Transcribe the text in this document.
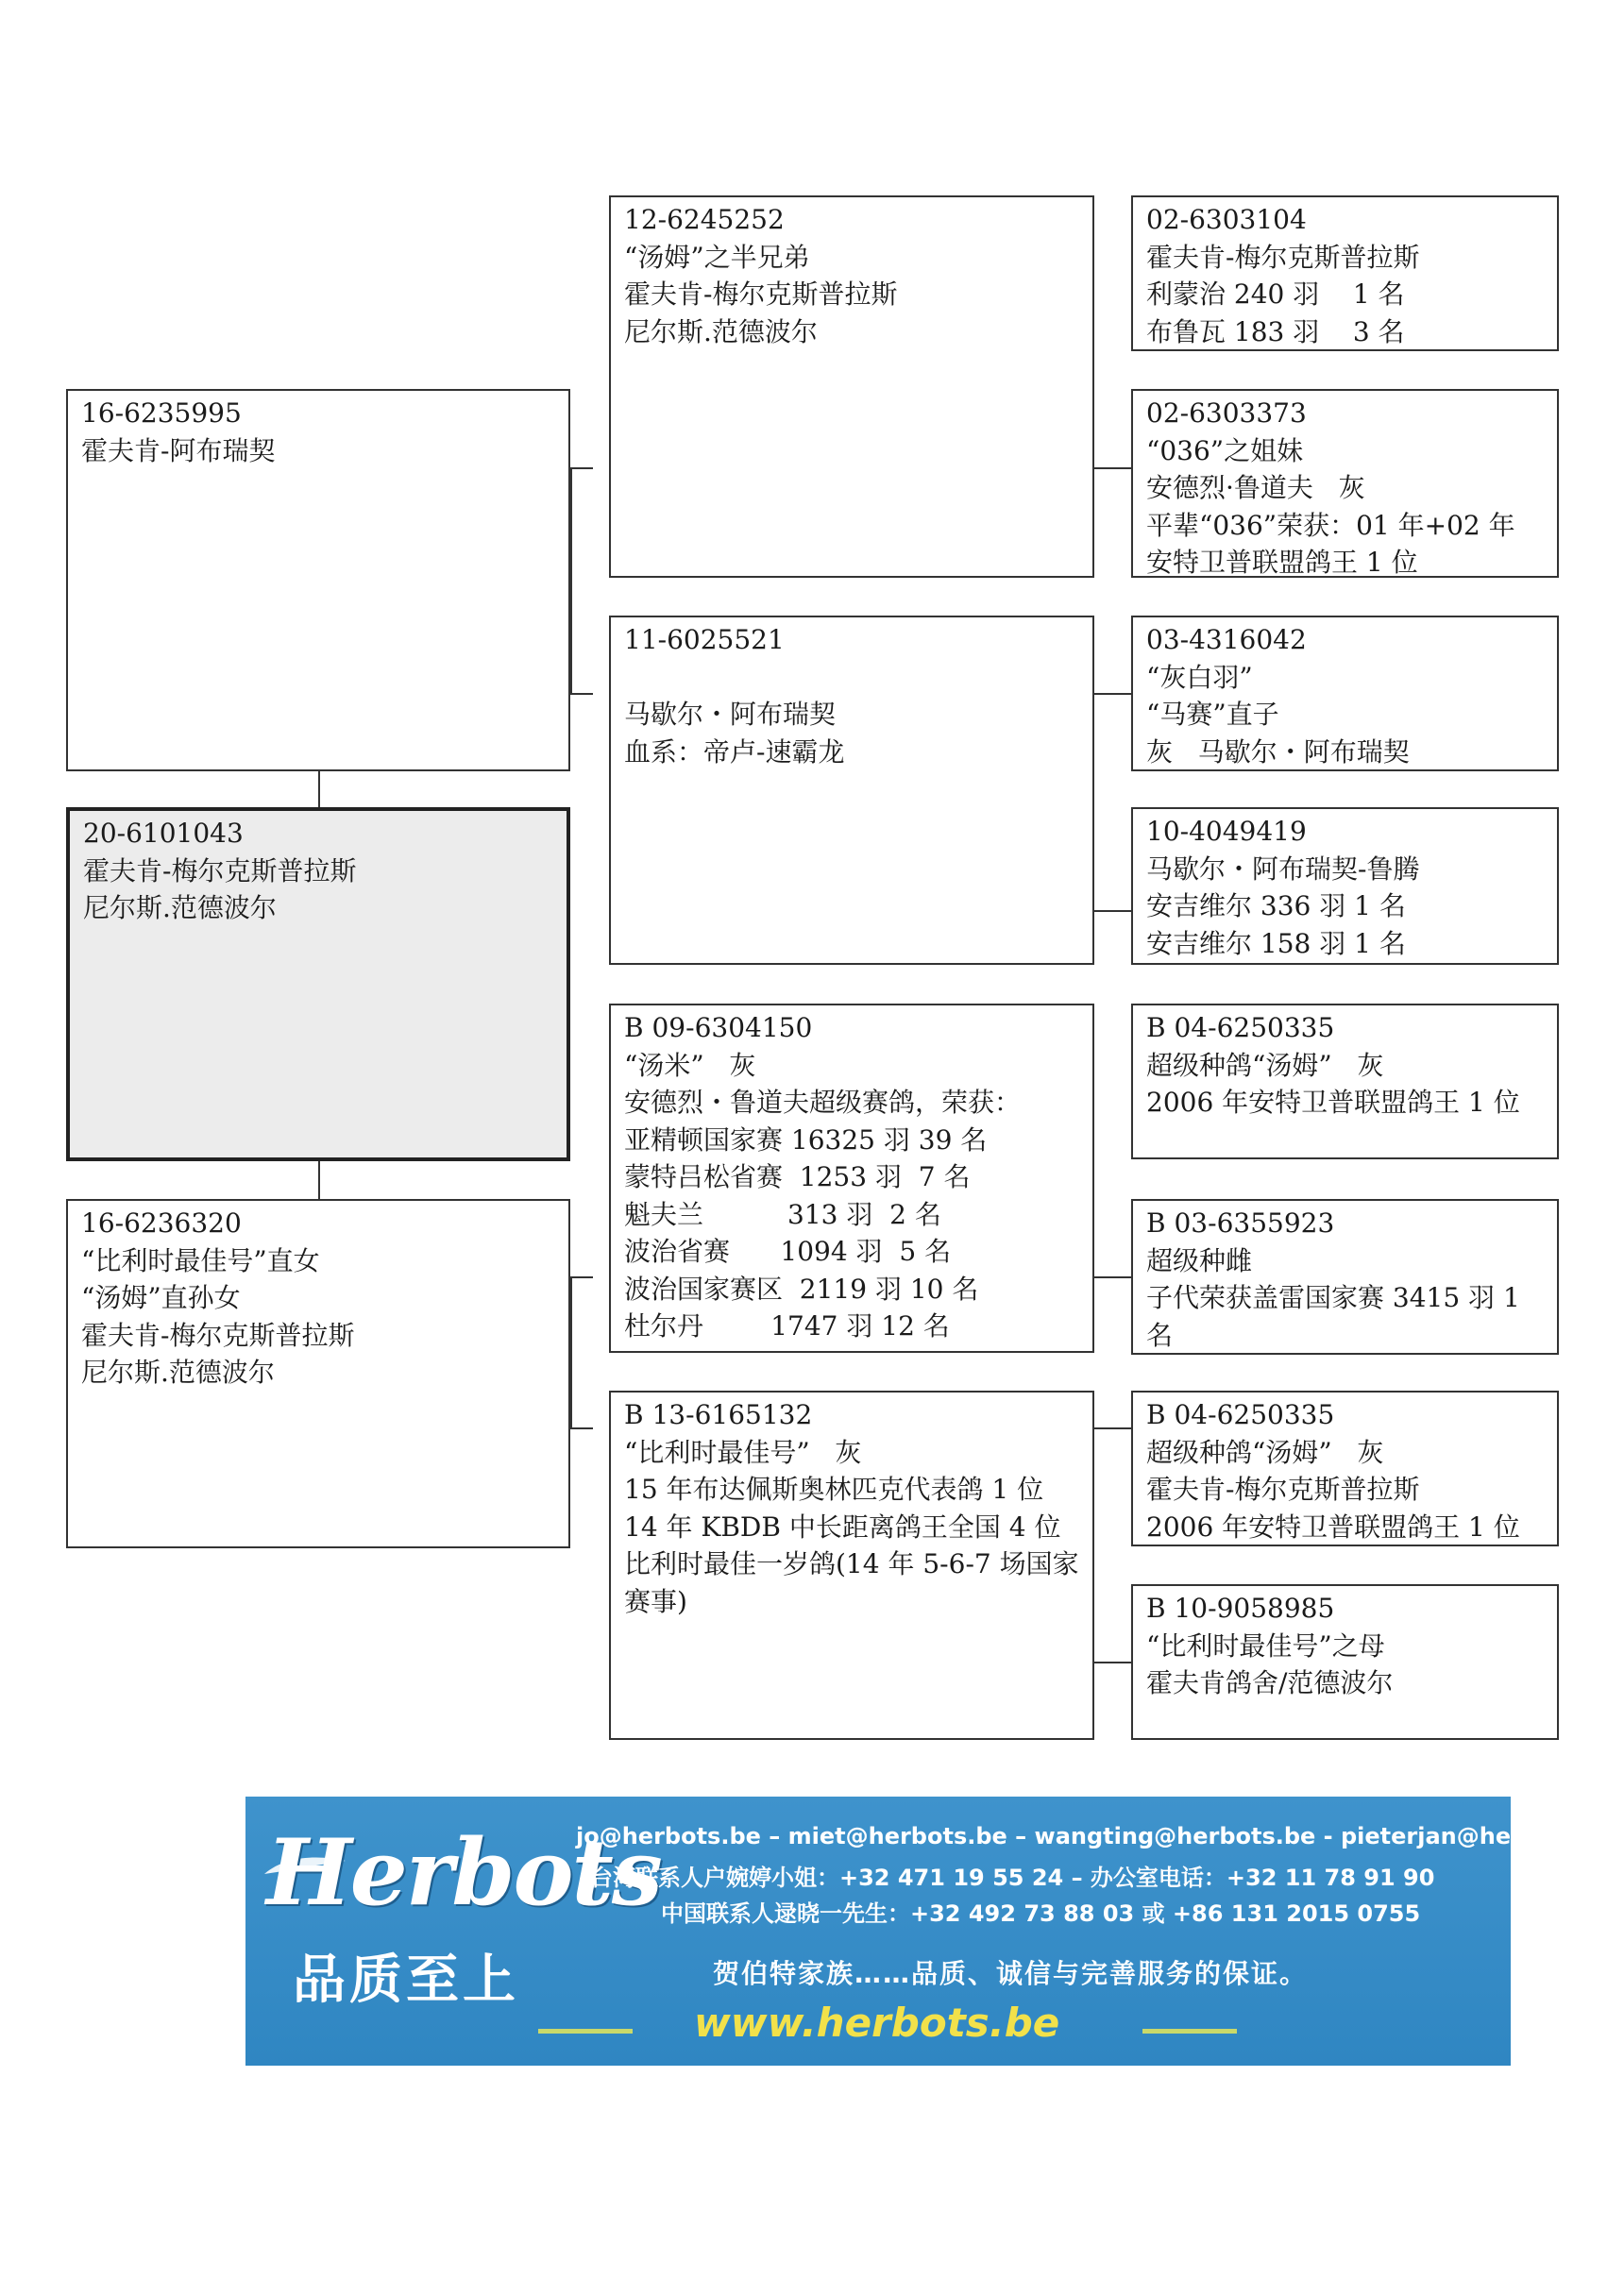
16-6235995
霍夫肯-阿布瑞契
20-6101043
霍夫肯-梅尔克斯普拉斯
尼尔斯.范德波尔
16-6236320
“比利时最佳号”直女
“汤姆”直孙女
霍夫肯-梅尔克斯普拉斯
尼尔斯.范德波尔
12-6245252
“汤姆”之半兄弟
霍夫肯-梅尔克斯普拉斯
尼尔斯.范德波尔
11-6025521

马歇尔・阿布瑞契
血系：帝卢-速霸龙
B 09-6304150
“汤米”   灰
安德烈・鲁道夫超级赛鸽，荣获：
亚精顿国家赛 16325 羽 39 名
蒙特吕松省赛  1253 羽  7 名
魁夫兰          313 羽  2 名
波治省赛      1094 羽  5 名
波治国家赛区  2119 羽 10 名
杜尔丹        1747 羽 12 名
B 13-6165132
“比利时最佳号”   灰
15 年布达佩斯奥林匹克代表鸽 1 位
14 年 KBDB 中长距离鸽王全国 4 位
比利时最佳一岁鸽(14 年 5-6-7 场国家赛事)
02-6303104
霍夫肯-梅尔克斯普拉斯
利蒙治 240 羽    1 名
布鲁瓦 183 羽    3 名
02-6303373
“036”之姐妹
安德烈·鲁道夫   灰
平辈“036”荣获：01 年+02 年
安特卫普联盟鸽王 1 位
03-4316042
“灰白羽”
“马赛”直子
灰   马歇尔・阿布瑞契
10-4049419
马歇尔・阿布瑞契-鲁腾
安吉维尔 336 羽 1 名
安吉维尔 158 羽 1 名
B 04-6250335
超级种鸽“汤姆”   灰
2006 年安特卫普联盟鸽王 1 位
B 03-6355923
超级种雌
子代荣获盖雷国家赛 3415 羽 1 名
B 04-6250335
超级种鸽“汤姆”   灰
霍夫肯-梅尔克斯普拉斯
2006 年安特卫普联盟鸽王 1 位
B 10-9058985
“比利时最佳号”之母
霍夫肯鸽舍/范德波尔
Herbots
品质至上
jo@herbots.be – miet@herbots.be – wangting@herbots.be - pieterjan@herbots.be
台湾联系人户婉婷小姐：+32 471 19 55 24 – 办公室电话：+32 11 78 91 90
中国联系人逯晓一先生：+32 492 73 88 03 或 +86 131 2015 0755
贺伯特家族……品质、诚信与完善服务的保证。
www.herbots.be
